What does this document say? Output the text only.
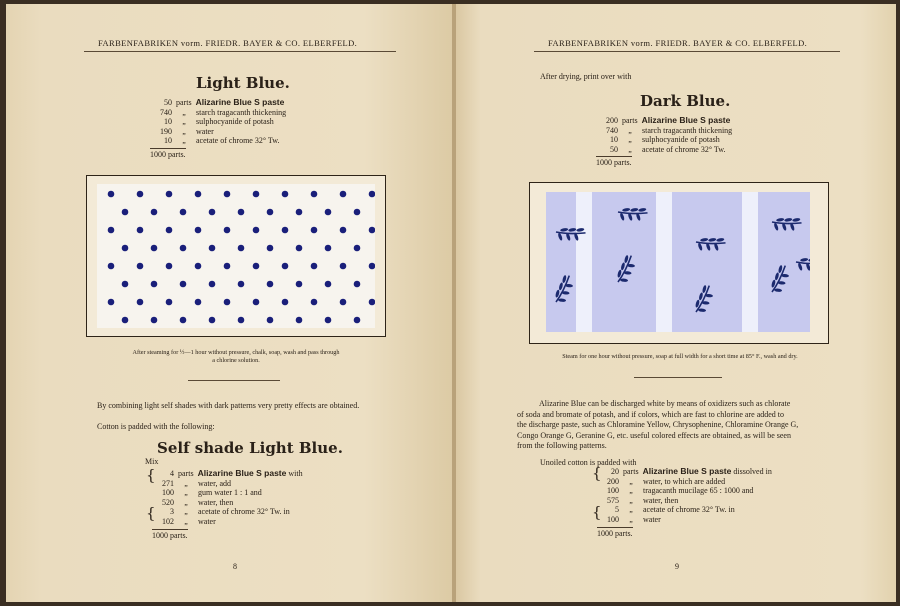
FARBENFABRIKEN vorm. FRIEDR. BAYER & CO. ELBERFELD.
Light Blue.
50 parts Alizarine Blue S paste
740 „ starch tragacanth thickening
10 „ sulphocyanide of potash
190 „ water
10 „ acetate of chrome 32° Tw.
1000 parts.
After steaming for ½—1 hour without pressure, chalk, soap, wash and pass through
a chlorine solution.
By combining light self shades with dark patterns very pretty effects are obtained.
Cotton is padded with the following:
Self shade Light Blue.
Mix
{
{
4 parts Alizarine Blue S paste with
271 „ water, add
100 „ gum water 1 : 1 and
520 „ water, then
3 „ acetate of chrome 32° Tw. in
102 „ water
1000 parts.
8
FARBENFABRIKEN vorm. FRIEDR. BAYER & CO. ELBERFELD.
After drying, print over with
Dark Blue.
200 parts Alizarine Blue S paste
740 „ starch tragacanth thickening
10 „ sulphocyanide of potash
50 „ acetate of chrome 32° Tw.
1000 parts.
Steam for one hour without pressure, soap at full width for a short time at 85° F., wash and dry.
Alizarine Blue can be discharged white by means of oxidizers such as chlorate
of soda and bromate of potash, and if colors, which are fast to chlorine are added to
the discharge paste, such as Chloramine Yellow, Chrysophenine, Chloramine Orange G,
Congo Orange G, Geranine G, etc. useful colored effects are obtained, as will be seen
from the following patterns.
Unoiled cotton is padded with
{
{
20 parts Alizarine Blue S paste dissolved in
200 „ water, to which are added
100 „ tragacanth mucilage 65 : 1000 and
575 „ water, then
5 „ acetate of chrome 32° Tw. in
100 „ water
1000 parts.
9
